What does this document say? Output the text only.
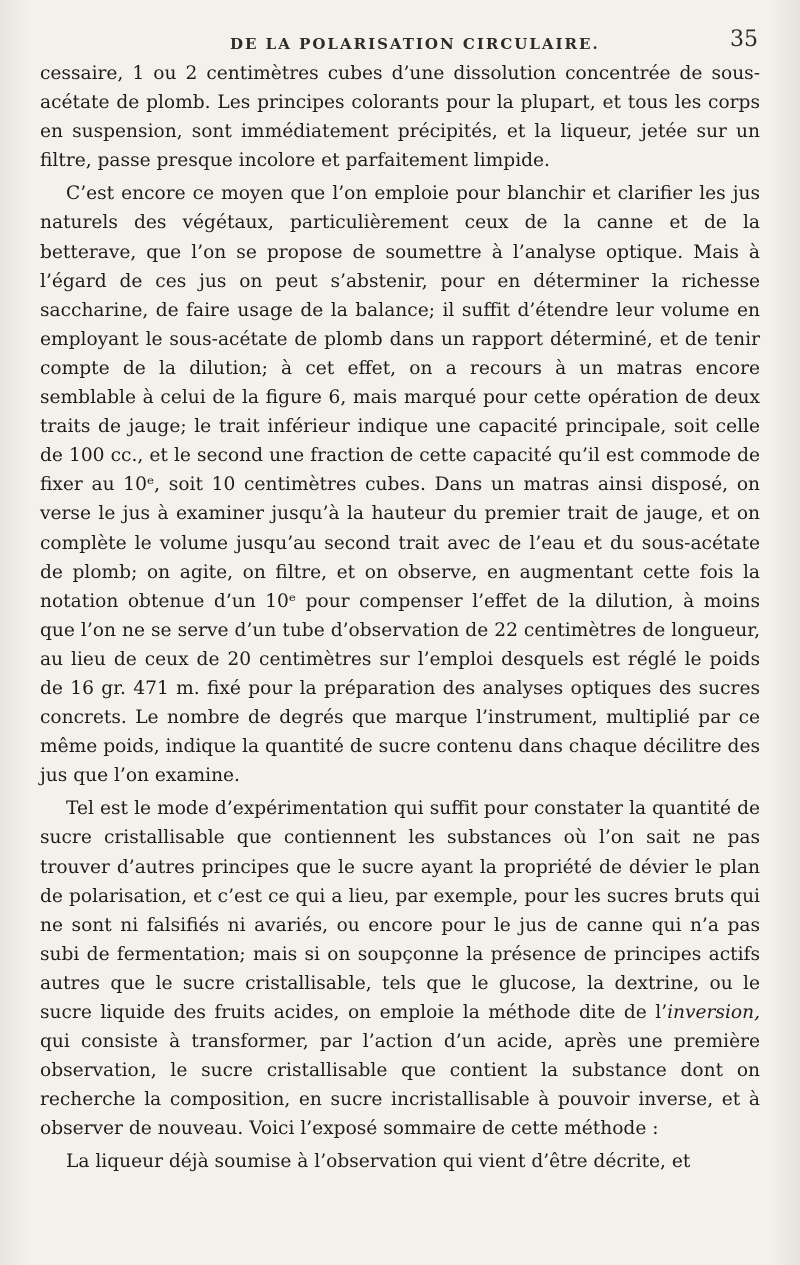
DE LA POLARISATION CIRCULAIRE.	35

cessaire, 1 ou 2 centimètres cubes d’une dissolution concentrée de sous-acétate de plomb. Les principes colorants pour la plupart, et tous les corps en suspension, sont immédiatement précipités, et la liqueur, jetée sur un filtre, passe presque incolore et parfaitement limpide.

C’est encore ce moyen que l’on emploie pour blanchir et clarifier les jus naturels des végétaux, particulièrement ceux de la canne et de la betterave, que l’on se propose de soumettre à l’analyse optique. Mais à l’égard de ces jus on peut s’abstenir, pour en déterminer la richesse saccharine, de faire usage de la balance; il suffit d’étendre leur volume en employant le sous-acétate de plomb dans un rapport déterminé, et de tenir compte de la dilution; à cet effet, on a recours à un matras encore semblable à celui de la figure 6, mais marqué pour cette opération de deux traits de jauge; le trait inférieur indique une capacité principale, soit celle de 100 cc., et le second une fraction de cette capacité qu’il est commode de fixer au 10ᵉ, soit 10 centimètres cubes. Dans un matras ainsi disposé, on verse le jus à examiner jusqu’à la hauteur du premier trait de jauge, et on complète le volume jusqu’au second trait avec de l’eau et du sous-acétate de plomb; on agite, on filtre, et on observe, en augmentant cette fois la notation obtenue d’un 10ᵉ pour compenser l’effet de la dilution, à moins que l’on ne se serve d’un tube d’observation de 22 centimètres de longueur, au lieu de ceux de 20 centimètres sur l’emploi desquels est réglé le poids de 16 gr. 471 m. fixé pour la préparation des analyses optiques des sucres concrets. Le nombre de degrés que marque l’instrument, multiplié par ce même poids, indique la quantité de sucre contenu dans chaque décilitre des jus que l’on examine.

Tel est le mode d’expérimentation qui suffit pour constater la quantité de sucre cristallisable que contiennent les substances où l’on sait ne pas trouver d’autres principes que le sucre ayant la propriété de dévier le plan de polarisation, et c’est ce qui a lieu, par exemple, pour les sucres bruts qui ne sont ni falsifiés ni avariés, ou encore pour le jus de canne qui n’a pas subi de fermentation; mais si on soupçonne la présence de principes actifs autres que le sucre cristallisable, tels que le glucose, la dextrine, ou le sucre liquide des fruits acides, on emploie la méthode dite de l’inversion, qui consiste à transformer, par l’action d’un acide, après une première observation, le sucre cristallisable que contient la substance dont on recherche la composition, en sucre incristallisable à pouvoir inverse, et à observer de nouveau. Voici l’exposé sommaire de cette méthode :

La liqueur déjà soumise à l’observation qui vient d’être décrite, et
